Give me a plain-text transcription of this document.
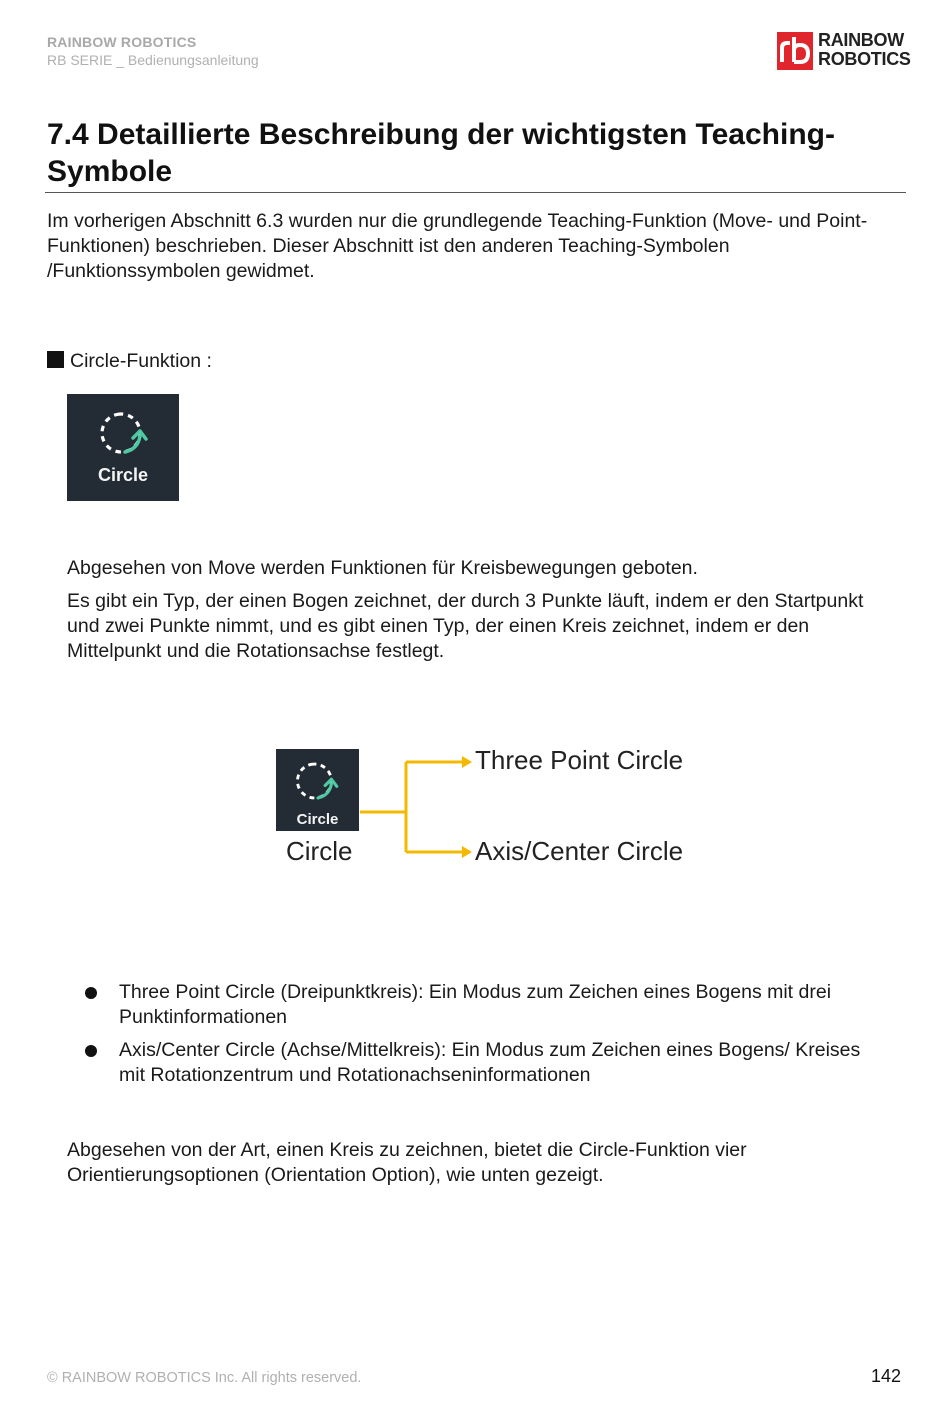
RAINBOW ROBOTICS
RB SERIE _ Bedienungsanleitung
RAINBOW
ROBOTICS
7.4 Detaillierte Beschreibung der wichtigsten Teaching-Symbole

Im vorherigen Abschnitt 6.3 wurden nur die grundlegende Teaching-Funktion (Move- und Point-Funktionen) beschrieben. Dieser Abschnitt ist den anderen Teaching-Symbolen /Funktionssymbolen gewidmet.

Circle-Funktion :
Circle

Abgesehen von Move werden Funktionen für Kreisbewegungen geboten.

Es gibt ein Typ, der einen Bogen zeichnet, der durch 3 Punkte läuft, indem er den Startpunkt und zwei Punkte nimmt, und es gibt einen Typ, der einen Kreis zeichnet, indem er den Mittelpunkt und die Rotationsachse festlegt.

Circle
Circle
Three Point Circle
Axis/Center Circle
Three Point Circle (Dreipunktkreis): Ein Modus zum Zeichen eines Bogens mit drei Punktinformationen
Axis/Center Circle (Achse/Mittelkreis): Ein Modus zum Zeichen eines Bogens/ Kreises mit Rotationzentrum und Rotationachseninformationen

Abgesehen von der Art, einen Kreis zu zeichnen, bietet die Circle-Funktion vier Orientierungsoptionen (Orientation Option), wie unten gezeigt.

© RAINBOW ROBOTICS Inc. All rights reserved.	142
